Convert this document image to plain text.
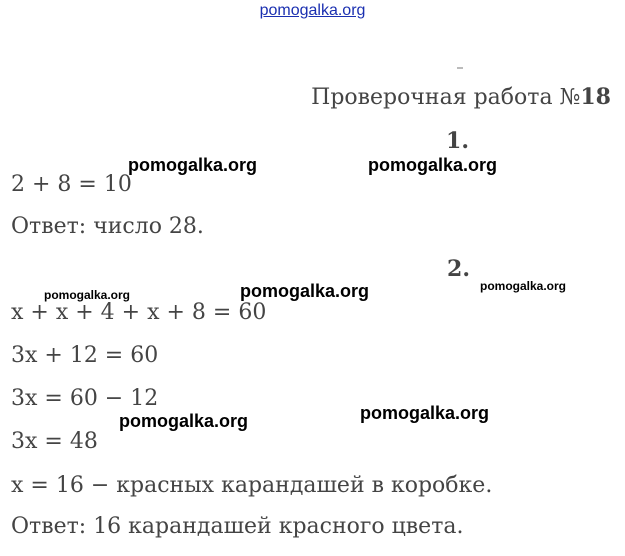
pomogalka.org
Проверочная работа №18
1.
2 + 8 = 10
Ответ: число 28.
2.
x + x + 4 + x + 8 = 60
3x + 12 = 60
3x = 60 − 12
3x = 48
x = 16 − красных карандашей в коробке.
Ответ: 16 карандашей красного цвета.
pomogalka.org	pomogalka.org
pomogalka.org	pomogalka.org	pomogalka.org
pomogalka.org	pomogalka.org
